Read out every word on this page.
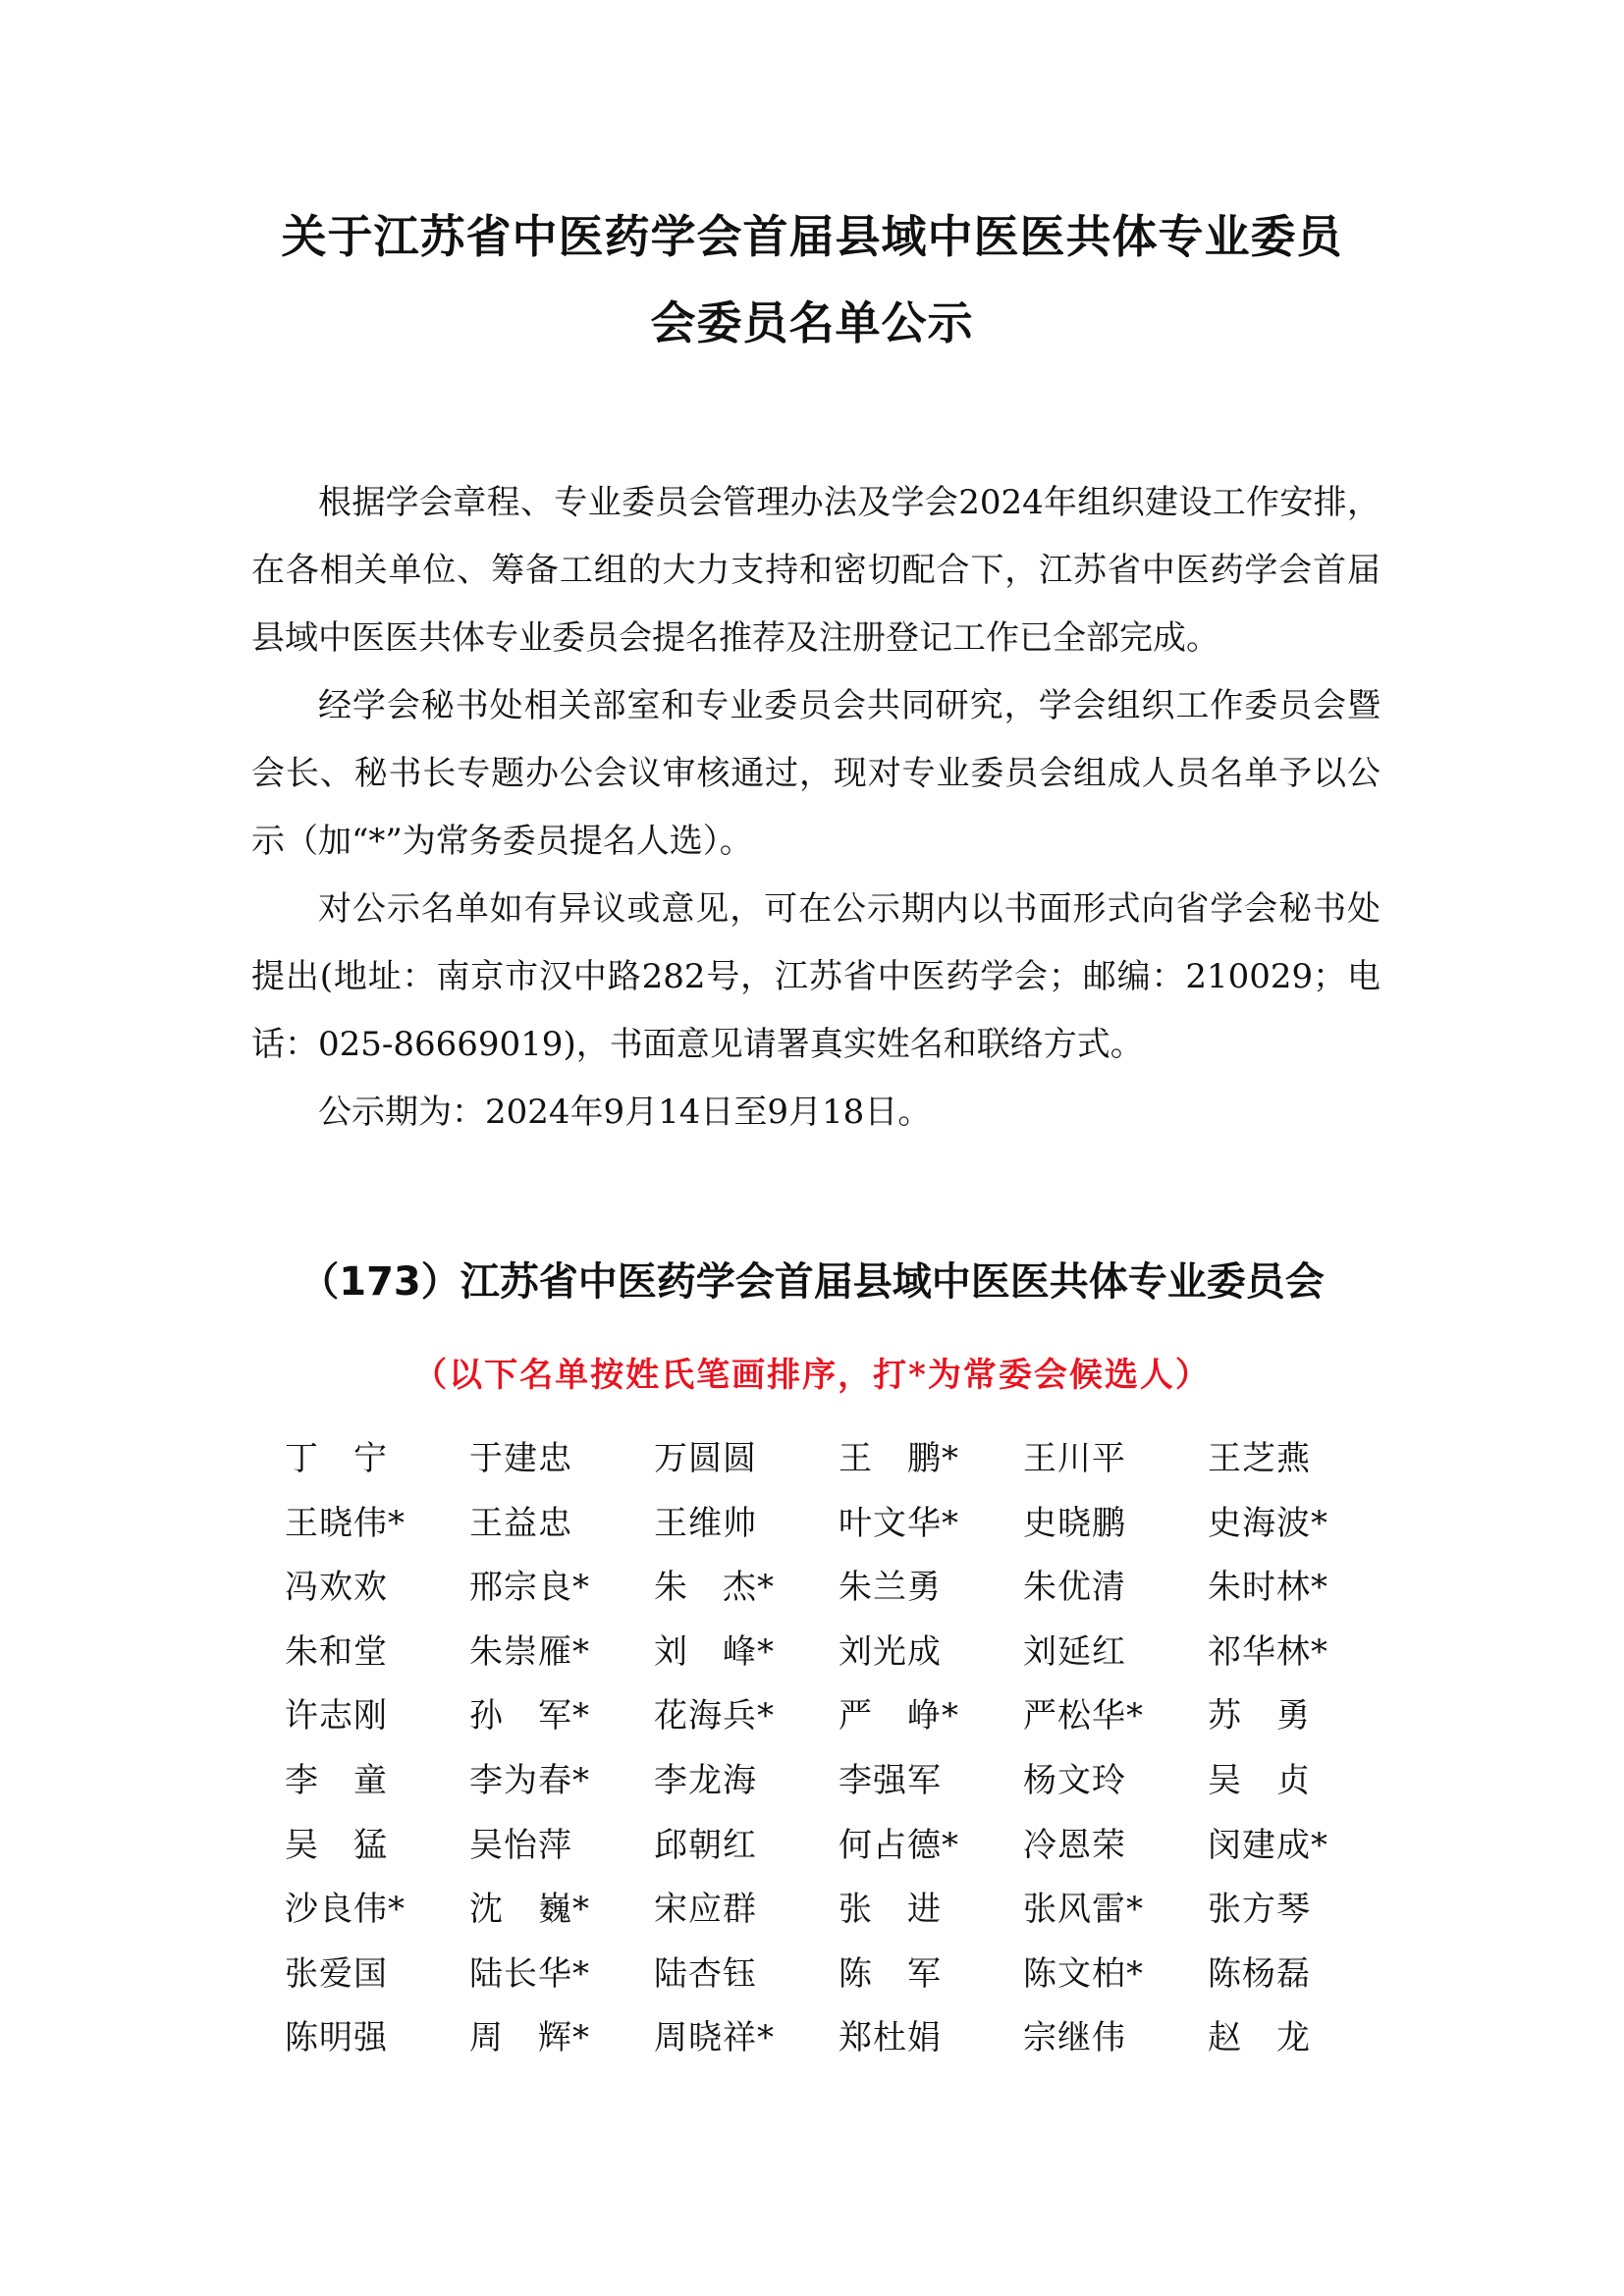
关于江苏省中医药学会首届县域中医医共体专业委员
会委员名单公示

根据学会章程、专业委员会管理办法及学会2024年组织建设工作安排，在各相关单位、筹备工组的大力支持和密切配合下，江苏省中医药学会首届县域中医医共体专业委员会提名推荐及注册登记工作已全部完成。

经学会秘书处相关部室和专业委员会共同研究，学会组织工作委员会暨会长、秘书长专题办公会议审核通过，现对专业委员会组成人员名单予以公示（加“*”为常务委员提名人选）。

对公示名单如有异议或意见，可在公示期内以书面形式向省学会秘书处提出(地址：南京市汉中路282号，江苏省中医药学会；邮编：210029；电话：025-86669019)，书面意见请署真实姓名和联络方式。

公示期为：2024年9月14日至9月18日。

（173）江苏省中医药学会首届县域中医医共体专业委员会
（以下名单按姓氏笔画排序，打*为常委会候选人）
丁　宁	于建忠	万圆圆	王　鹏*	王川平	王芝燕
王晓伟*	王益忠	王维帅	叶文华*	史晓鹏	史海波*
冯欢欢	邢宗良*	朱　杰*	朱兰勇	朱优清	朱时林*
朱和堂	朱崇雁*	刘　峰*	刘光成	刘延红	祁华林*
许志刚	孙　军*	花海兵*	严　峥*	严松华*	苏　勇
李　童	李为春*	李龙海	李强军	杨文玲	吴　贞
吴　猛	吴怡萍	邱朝红	何占德*	冷恩荣	闵建成*
沙良伟*	沈　巍*	宋应群	张　进	张风雷*	张方琴
张爱国	陆长华*	陆杏钰	陈　军	陈文柏*	陈杨磊
陈明强	周　辉*	周晓祥*	郑杜娟	宗继伟	赵　龙
